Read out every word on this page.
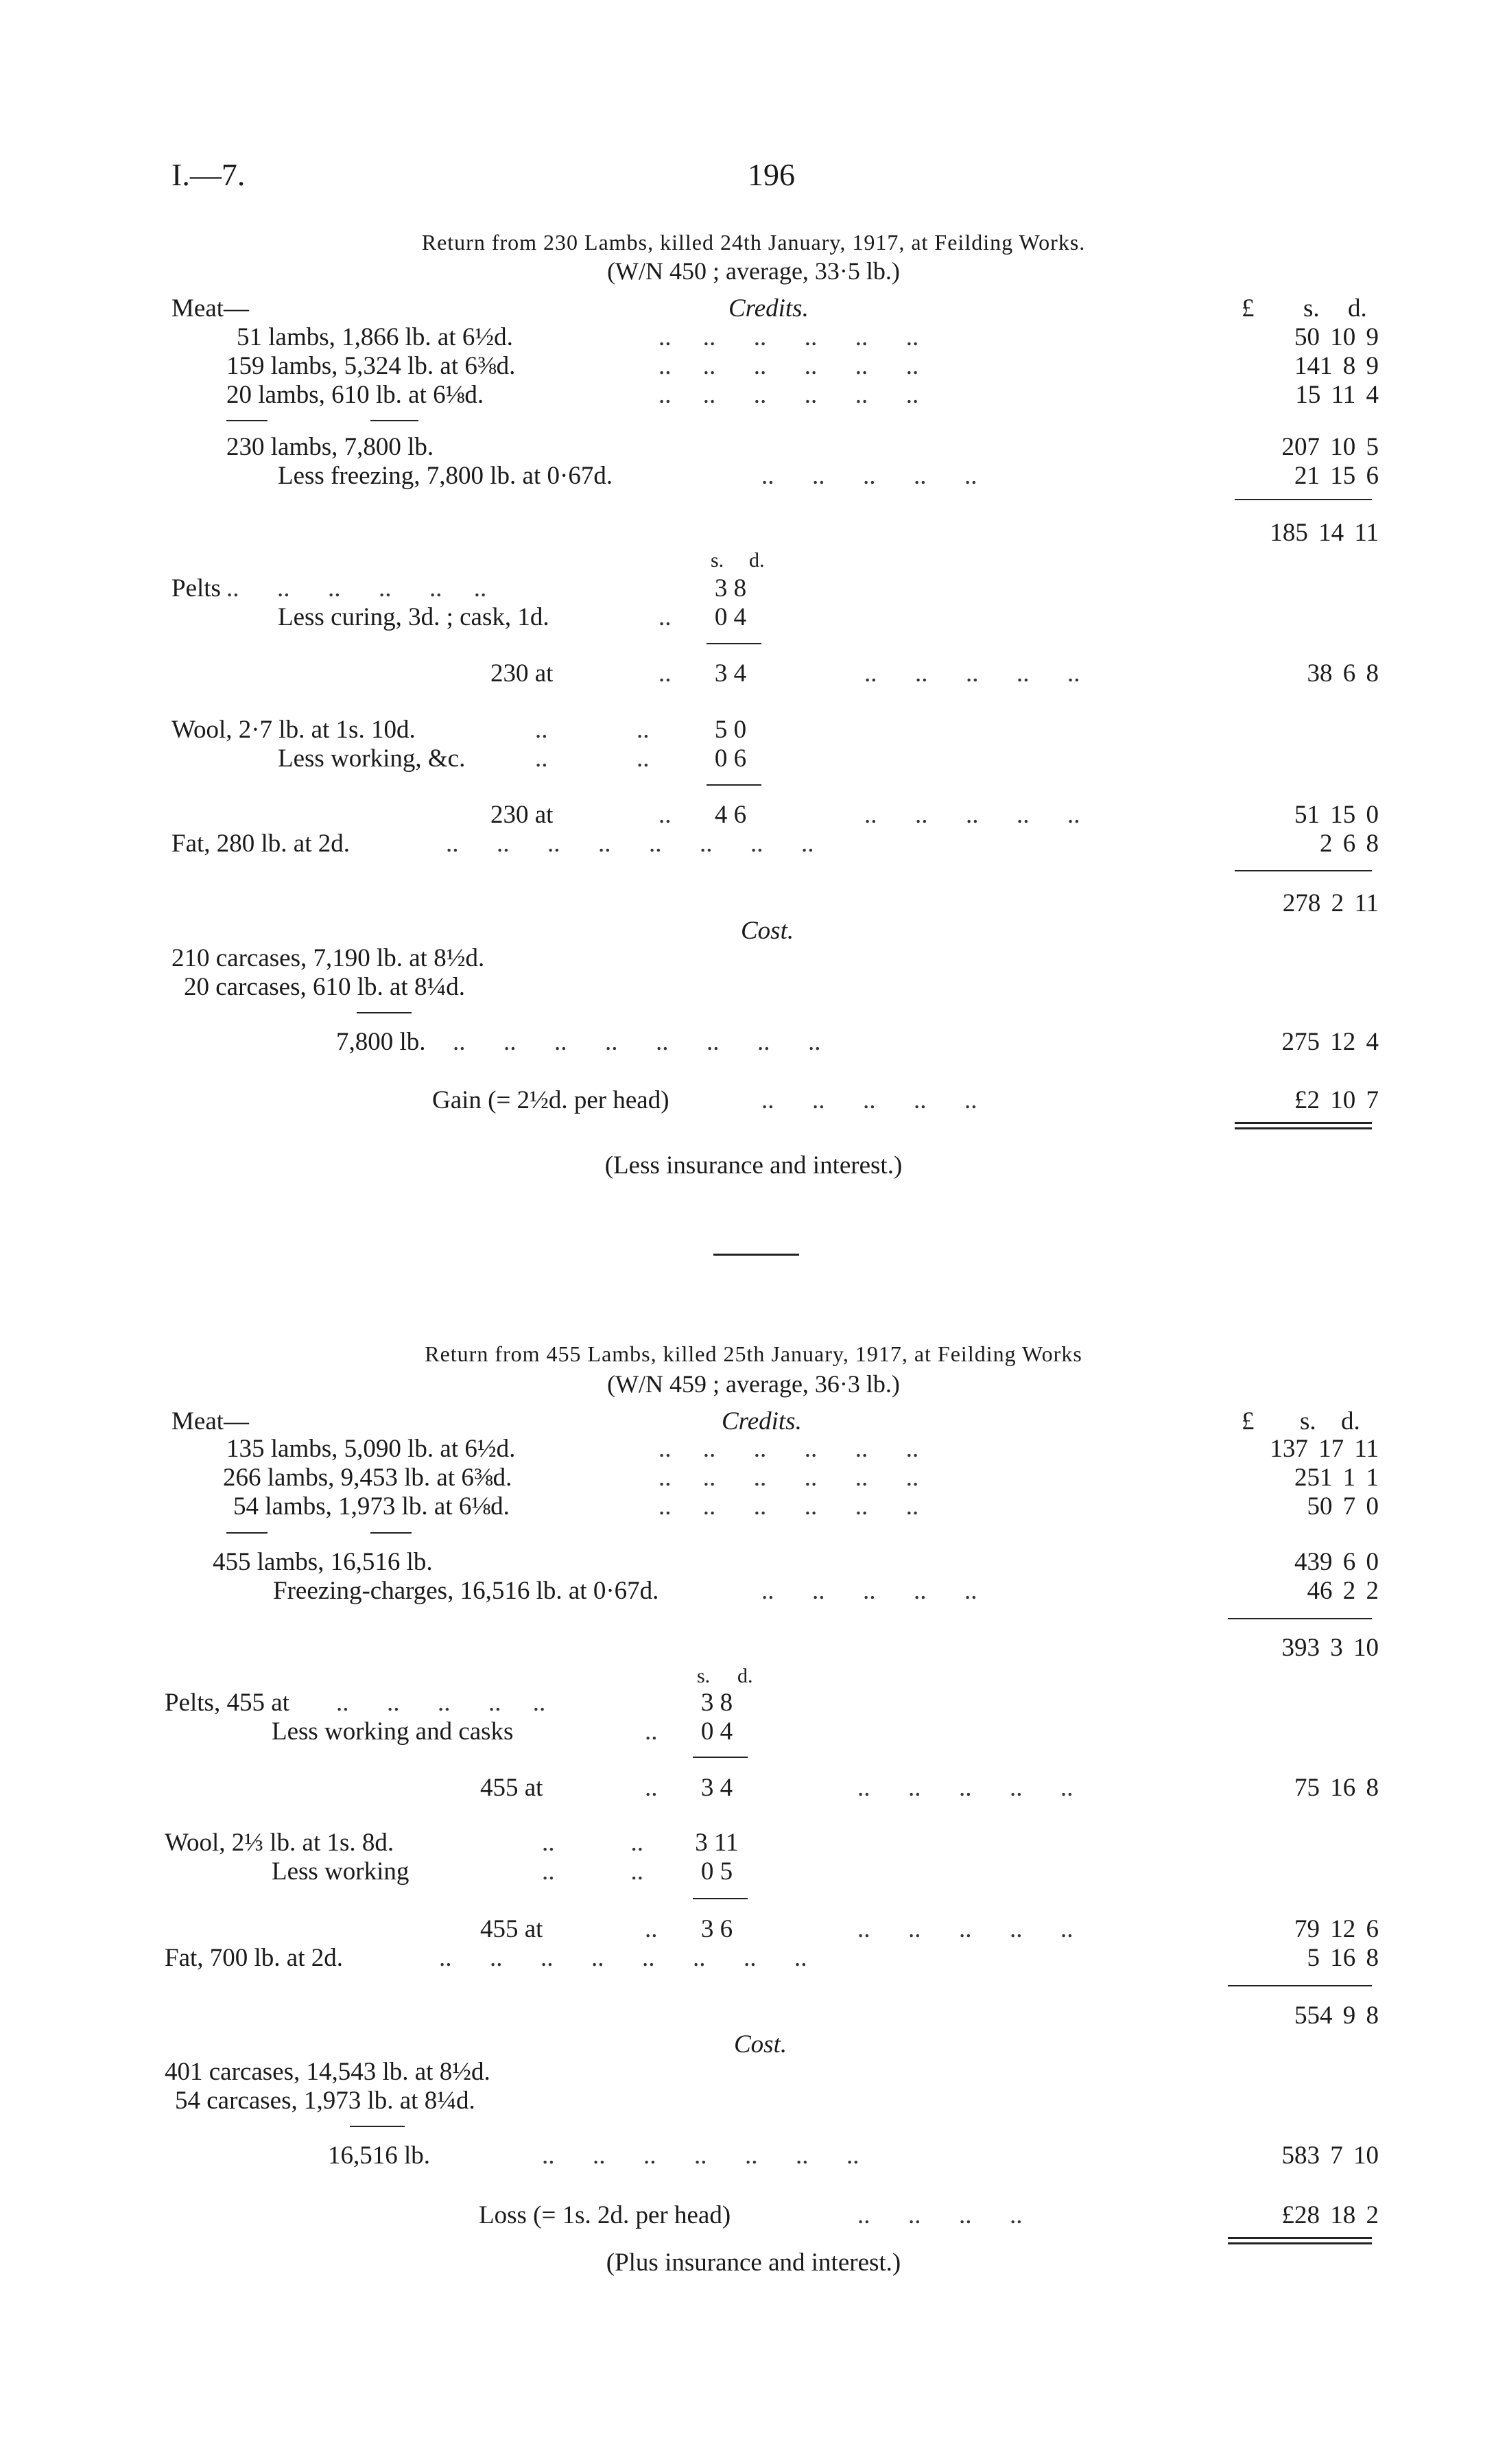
I.—7.	196
Return from 230 Lambs, killed 24th January, 1917, at Feilding Works.
(W/N 450 ; average, 33·5 lb.)
Meat—	Credits.	£ s. d.
51 lambs, 1,866 lb. at 6½d.	..     ..      ..      ..      ..      ..	50 10 9
159 lambs, 5,324 lb. at 6⅜d.	..     ..      ..      ..      ..      ..	141 8 9
20 lambs, 610 lb. at 6⅛d.	..     ..      ..      ..      ..      ..	15 11 4
230 lambs, 7,800 lb.	207 10 5
Less freezing, 7,800 lb. at 0·67d.	..      ..      ..      ..      ..	21 15 6
185 14 11
s. d.
Pelts ..      ..      ..      ..      ..     ..	3 8
Less curing, 3d. ; cask, 1d.	..	0 4
230 at	..	3 4	..      ..      ..      ..      ..	38 6 8
Wool, 2·7 lb. at 1s. 10d.	..              ..	5 0
Less working, &c.	..              ..	0 6
230 at	..	4 6	..      ..      ..      ..      ..	51 15 0
Fat, 280 lb. at 2d.	..      ..      ..      ..      ..      ..      ..      ..	2 6 8
278 2 11
Cost.
210 carcases, 7,190 lb. at 8½d.
20 carcases, 610 lb. at 8¼d.
7,800 lb. ..      ..      ..      ..      ..      ..      ..      ..	275 12 4
Gain (= 2½d. per head)	..      ..      ..      ..      ..	£2 10 7
(Less insurance and interest.)
Return from 455 Lambs, killed 25th January, 1917, at Feilding Works
(W/N 459 ; average, 36·3 lb.)
Meat—	Credits.	£ s. d.
135 lambs, 5,090 lb. at 6½d.	..     ..      ..      ..      ..      ..	137 17 11
266 lambs, 9,453 lb. at 6⅜d.	..     ..      ..      ..      ..      ..	251 1 1
54 lambs, 1,973 lb. at 6⅛d.	..     ..      ..      ..      ..      ..	50 7 0
455 lambs, 16,516 lb.	439 6 0
Freezing-charges, 16,516 lb. at 0·67d.	..      ..      ..      ..      ..	46 2 2
393 3 10
s. d.
Pelts, 455 at ..      ..      ..      ..     ..	3 8
Less working and casks	..	0 4
455 at	..	3 4	..      ..      ..      ..      ..	75 16 8
Wool, 2⅓ lb. at 1s. 8d.	..            ..	3 11
Less working	..            ..	0 5
455 at	..	3 6	..      ..      ..      ..      ..	79 12 6
Fat, 700 lb. at 2d.	..      ..      ..      ..      ..      ..      ..      ..	5 16 8
554 9 8
Cost.
401 carcases, 14,543 lb. at 8½d.
54 carcases, 1,973 lb. at 8¼d.
16,516 lb.	..      ..      ..      ..      ..      ..      ..	583 7 10
Loss (= 1s. 2d. per head)	..      ..      ..      ..	£28 18 2
(Plus insurance and interest.)
